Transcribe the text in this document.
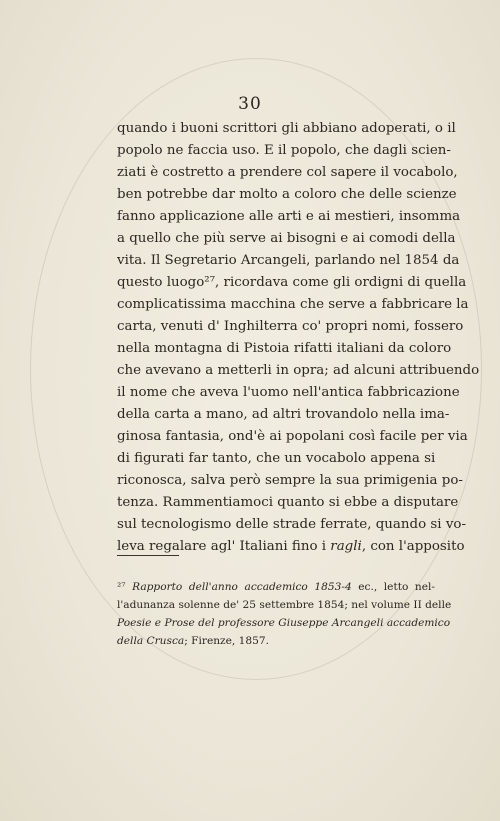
30
quando i buoni scrittori gli abbiano adoperati, o il
popolo ne faccia uso. E il popolo, che dagli scien-
ziati è costretto a prendere col sapere il vocabolo,
ben potrebbe dar molto a coloro che delle scienze
fanno applicazione alle arti e ai mestieri, insomma
a quello che più serve ai bisogni e ai comodi della
vita. Il Segretario Arcangeli, parlando nel 1854 da
questo luogo²⁷, ricordava come gli ordigni di quella
complicatissima macchina che serve a fabbricare la
carta, venuti d' Inghilterra co' propri nomi, fossero
nella montagna di Pistoia rifatti italiani da coloro
che avevano a metterli in opra; ad alcuni attribuendo
il nome che aveva l'uomo nell'antica fabbricazione
della carta a mano, ad altri trovandolo nella ima-
ginosa fantasia, ond'è ai popolani così facile per via
di figurati far tanto, che un vocabolo appena si
riconosca, salva però sempre la sua primigenia po-
tenza. Rammentiamoci quanto si ebbe a disputare
sul tecnologismo delle strade ferrate, quando si vo-
leva regalare agl' Italiani fino i ragli, con l'apposito
²⁷ Rapporto dell'anno accademico 1853-4 ec., letto nel-
l'adunanza solenne de' 25 settembre 1854; nel volume II delle
Poesie e Prose del professore Giuseppe Arcangeli accademico
della Crusca; Firenze, 1857.
